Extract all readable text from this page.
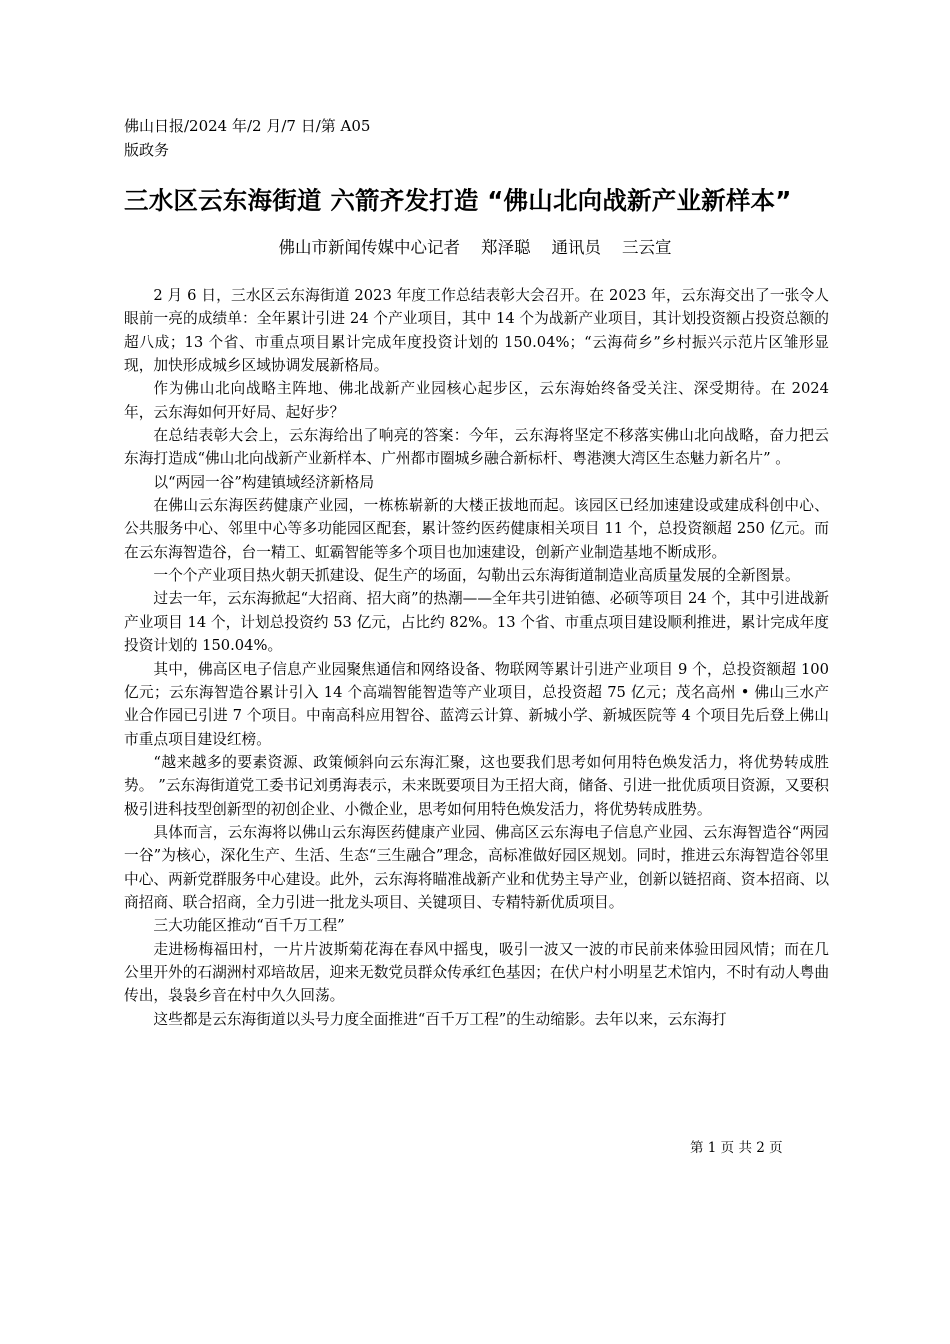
佛山日报/2024 年/2 月/7 日/第 A05
版政务
三水区云东海街道 六箭齐发打造 “佛山北向战新产业新样本”
佛山市新闻传媒中心记者    郑泽聪    通讯员    三云宣

2 月 6 日，三水区云东海街道 2023 年度工作总结表彰大会召开。在 2023 年，云东海交出了一张令人眼前一亮的成绩单：全年累计引进 24 个产业项目，其中 14 个为战新产业项目，其计划投资额占投资总额的超八成；13 个省、市重点项目累计完成年度投资计划的 150.04%；“云海荷乡”乡村振兴示范片区雏形显现，加快形成城乡区域协调发展新格局。

作为佛山北向战略主阵地、佛北战新产业园核心起步区，云东海始终备受关注、深受期待。在 2024 年，云东海如何开好局、起好步？

在总结表彰大会上，云东海给出了响亮的答案：今年，云东海将坚定不移落实佛山北向战略，奋力把云东海打造成“佛山北向战新产业新样本、广州都市圈城乡融合新标杆、粤港澳大湾区生态魅力新名片” 。

以“两园一谷”构建镇域经济新格局

在佛山云东海医药健康产业园，一栋栋崭新的大楼正拔地而起。该园区已经加速建设或建成科创中心、公共服务中心、邻里中心等多功能园区配套，累计签约医药健康相关项目 11 个，总投资额超 250 亿元。而在云东海智造谷，台一精工、虹霸智能等多个项目也加速建设，创新产业制造基地不断成形。

一个个产业项目热火朝天抓建设、促生产的场面，勾勒出云东海街道制造业高质量发展的全新图景。

过去一年，云东海掀起“大招商、招大商”的热潮——全年共引进铂德、必硕等项目 24 个，其中引进战新产业项目 14 个，计划总投资约 53 亿元，占比约 82%。13 个省、市重点项目建设顺利推进，累计完成年度投资计划的 150.04%。

其中，佛高区电子信息产业园聚焦通信和网络设备、物联网等累计引进产业项目 9 个，总投资额超 100 亿元；云东海智造谷累计引入 14 个高端智能智造等产业项目，总投资超 75 亿元；茂名高州 • 佛山三水产业合作园已引进 7 个项目。中南高科应用智谷、蓝湾云计算、新城小学、新城医院等 4 个项目先后登上佛山市重点项目建设红榜。

“越来越多的要素资源、政策倾斜向云东海汇聚，这也要我们思考如何用特色焕发活力，将优势转成胜势。 ”云东海街道党工委书记刘勇海表示，未来既要项目为王招大商，储备、引进一批优质项目资源，又要积极引进科技型创新型的初创企业、小微企业，思考如何用特色焕发活力，将优势转成胜势。

具体而言，云东海将以佛山云东海医药健康产业园、佛高区云东海电子信息产业园、云东海智造谷“两园一谷”为核心，深化生产、生活、生态“三生融合”理念，高标准做好园区规划。同时，推进云东海智造谷邻里中心、两新党群服务中心建设。此外，云东海将瞄准战新产业和优势主导产业，创新以链招商、资本招商、以商招商、联合招商，全力引进一批龙头项目、关键项目、专精特新优质项目。

三大功能区推动“百千万工程”

走进杨梅福田村，一片片波斯菊花海在春风中摇曳，吸引一波又一波的市民前来体验田园风情；而在几公里开外的石湖洲村邓培故居，迎来无数党员群众传承红色基因；在伏户村小明星艺术馆内，不时有动人粤曲传出，袅袅乡音在村中久久回荡。

这些都是云东海街道以头号力度全面推进“百千万工程”的生动缩影。去年以来，云东海打

第 1 页 共 2 页
